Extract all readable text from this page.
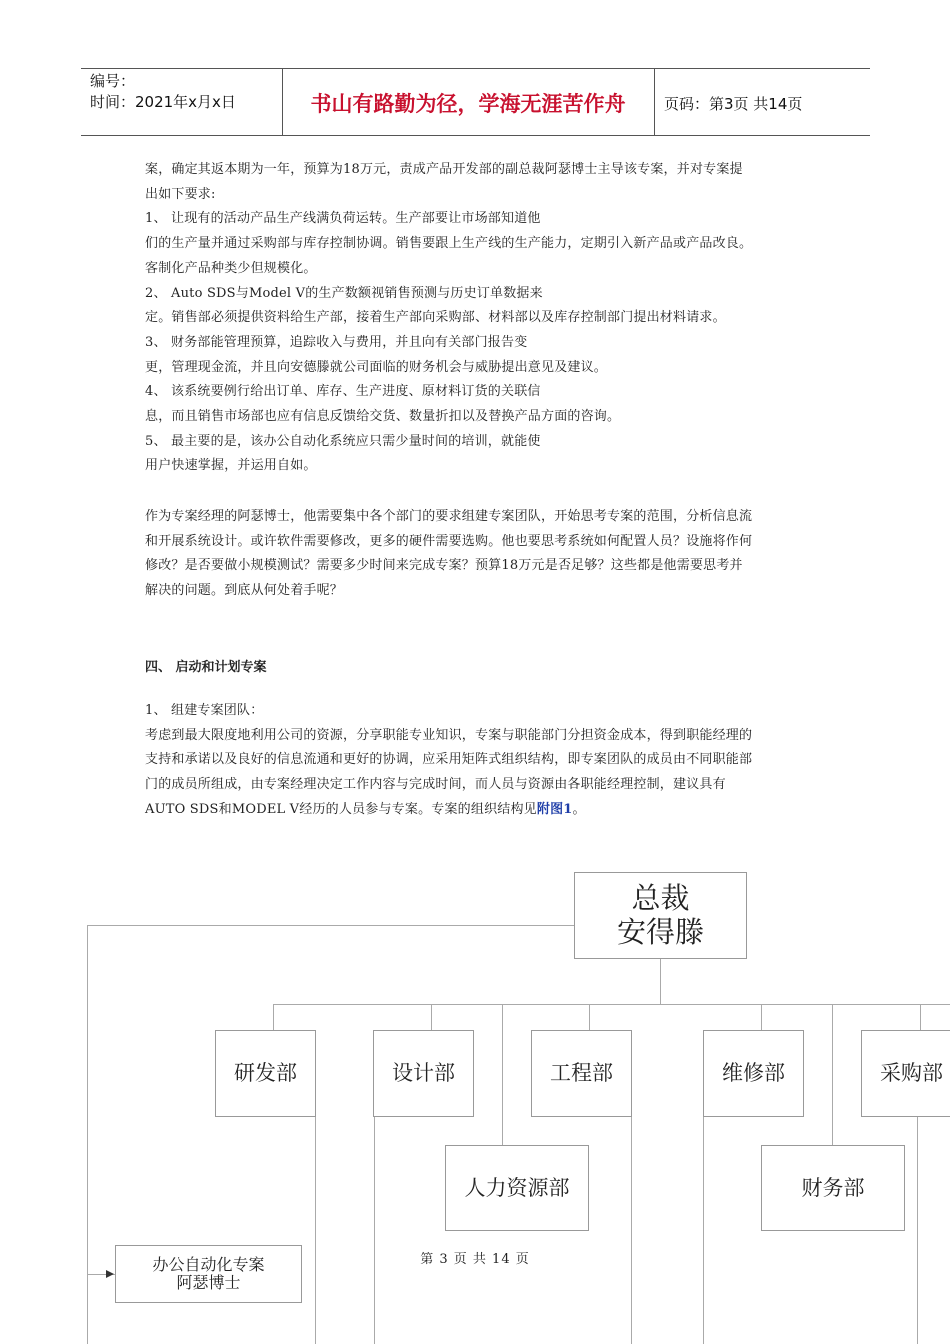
编号：
时间：2021年x月x日	书山有路勤为径，学海无涯苦作舟	页码：第3页 共14页

案，确定其返本期为一年，预算为18万元，责成产品开发部的副总裁阿瑟博士主导该专案，并对专案提

出如下要求:

1、 让现有的活动产品生产线满负荷运转。生产部要让市场部知道他

们的生产量并通过采购部与库存控制协调。销售要跟上生产线的生产能力，定期引入新产品或产品改良。

客制化产品种类少但规模化。

2、 Auto SDS与Model V的生产数额视销售预测与历史订单数据来

定。销售部必须提供资料给生产部，接着生产部向采购部、材料部以及库存控制部门提出材料请求。

3、 财务部能管理预算，追踪收入与费用，并且向有关部门报告变

更，管理现金流，并且向安德滕就公司面临的财务机会与威胁提出意见及建议。

4、 该系统要例行给出订单、库存、生产进度、原材料订货的关联信

息，而且销售市场部也应有信息反馈给交货、数量折扣以及替换产品方面的咨询。

5、 最主要的是，该办公自动化系统应只需少量时间的培训，就能使

用户快速掌握，并运用自如。

作为专案经理的阿瑟博士，他需要集中各个部门的要求组建专案团队，开始思考专案的范围，分析信息流

和开展系统设计。或许软件需要修改，更多的硬件需要选购。他也要思考系统如何配置人员？设施将作何

修改？是否要做小规模测试？需要多少时间来完成专案？预算18万元是否足够？这些都是他需要思考并

解决的问题。到底从何处着手呢？

四、 启动和计划专案

1、 组建专案团队：

考虑到最大限度地利用公司的资源，分享职能专业知识，专案与职能部门分担资金成本，得到职能经理的

支持和承诺以及良好的信息流通和更好的协调，应采用矩阵式组织结构，即专案团队的成员由不同职能部

门的成员所组成，由专案经理决定工作内容与完成时间，而人员与资源由各职能经理控制，建议具有

AUTO SDS和MODEL V经历的人员参与专案。专案的组织结构见附图1。

总裁
安得滕
研发部	设计部	工程部	维修部	采购部
人力资源部	财务部
办公自动化专案
阿瑟博士
第 3 页 共 14 页
